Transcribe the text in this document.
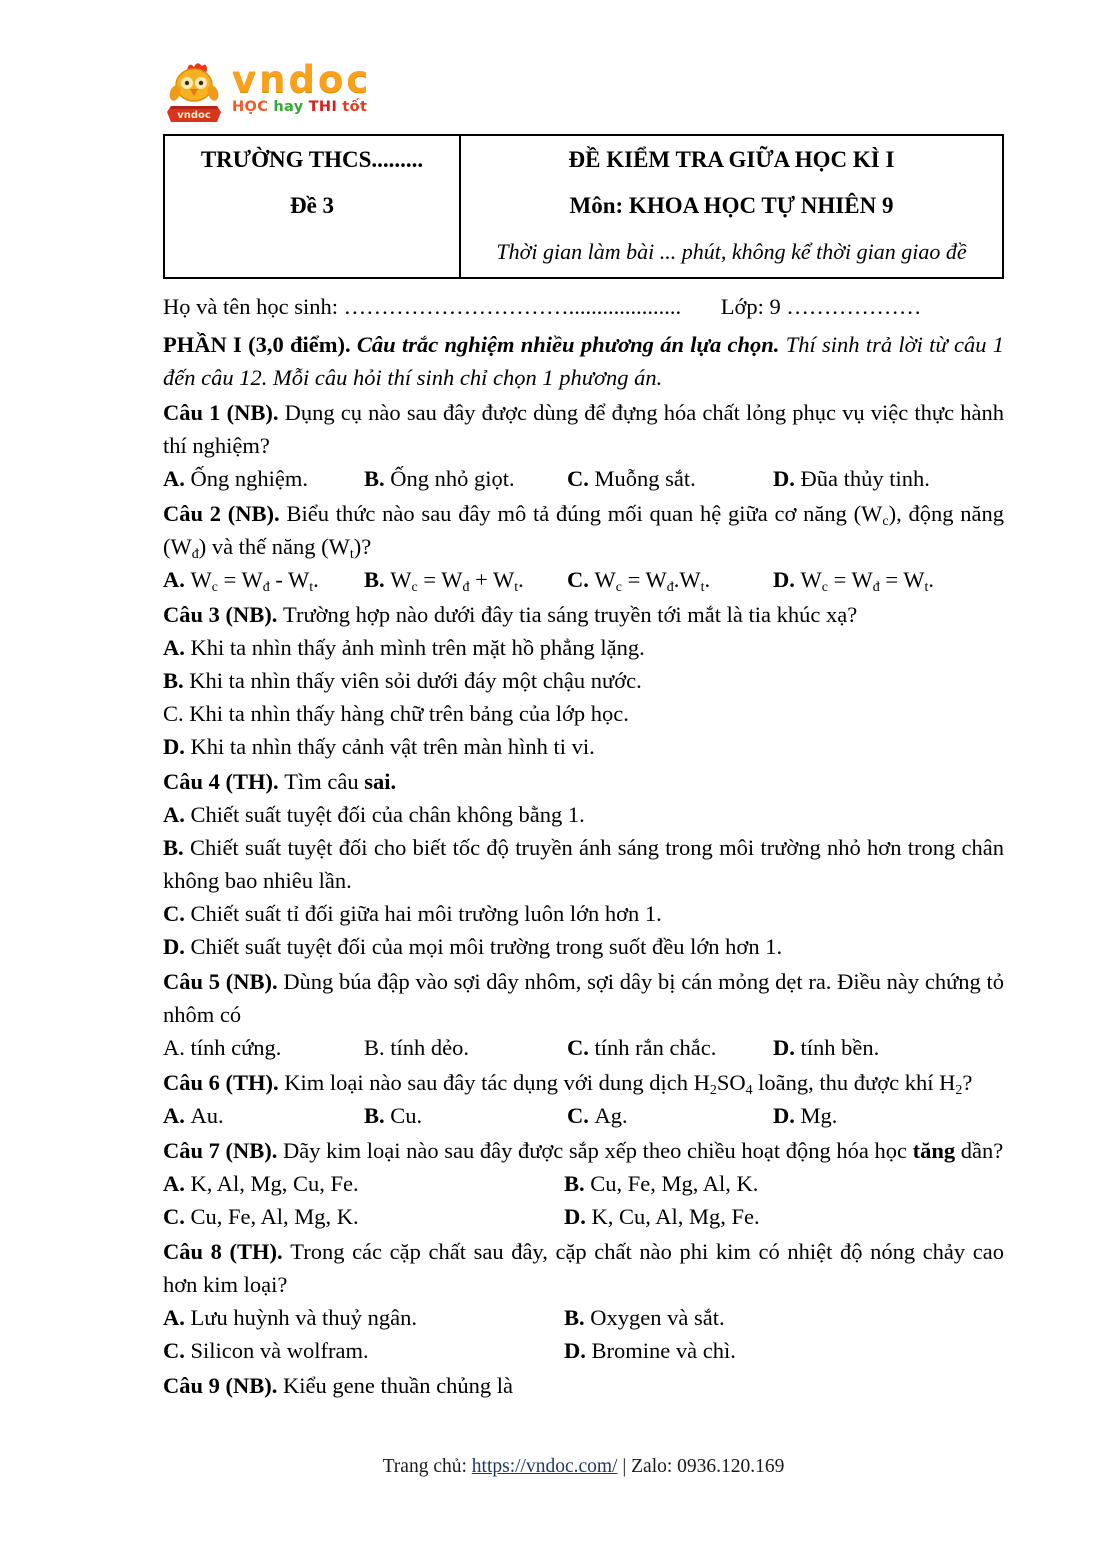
vndoc
vndoc
HỌC hay THI tốt
TRƯỜNG THCS.........
Đề 3

ĐỀ KIỂM TRA GIỮA HỌC KÌ I
Môn: KHOA HỌC TỰ NHIÊN 9
Thời gian làm bài ... phút, không kể thời gian giao đề
Họ và tên học sinh: ………………………….................... Lớp: 9 ………………

PHẦN I (3,0 điểm). Câu trắc nghiệm nhiều phương án lựa chọn. Thí sinh trả lời từ câu 1 đến câu 12. Mỗi câu hỏi thí sinh chỉ chọn 1 phương án.

Câu 1 (NB). Dụng cụ nào sau đây được dùng để đựng hóa chất lỏng phục vụ việc thực hành thí nghiệm?

A. Ống nghiệm.	B. Ống nhỏ giọt.	C. Muỗng sắt.	D. Đũa thủy tinh.

Câu 2 (NB). Biểu thức nào sau đây mô tả đúng mối quan hệ giữa cơ năng $(W_c)$, động năng $(W_đ)$ và thế năng $(W_t)$?

A. $W_c = W_đ - W_t$.	B. $W_c = W_đ + W_t$.	C. $W_c = W_đ.W_t$.	D. $W_c = W_đ = W_t$.

Câu 3 (NB). Trường hợp nào dưới đây tia sáng truyền tới mắt là tia khúc xạ?

A. Khi ta nhìn thấy ảnh mình trên mặt hồ phẳng lặng.

B. Khi ta nhìn thấy viên sỏi dưới đáy một chậu nước.

C. Khi ta nhìn thấy hàng chữ trên bảng của lớp học.

D. Khi ta nhìn thấy cảnh vật trên màn hình ti vi.

Câu 4 (TH). Tìm câu sai.

A. Chiết suất tuyệt đối của chân không bằng 1.

B. Chiết suất tuyệt đối cho biết tốc độ truyền ánh sáng trong môi trường nhỏ hơn trong chân không bao nhiêu lần.

C. Chiết suất tỉ đối giữa hai môi trường luôn lớn hơn 1.

D. Chiết suất tuyệt đối của mọi môi trường trong suốt đều lớn hơn 1.

Câu 5 (NB). Dùng búa đập vào sợi dây nhôm, sợi dây bị cán mỏng dẹt ra. Điều này chứng tỏ nhôm có

A. tính cứng.	B. tính dẻo.	C. tính rắn chắc.	D. tính bền.

Câu 6 (TH). Kim loại nào sau đây tác dụng với dung dịch $H_2SO_4$ loãng, thu được khí $H_2$?

A. Au.	B. Cu.	C. Ag.	D. Mg.

Câu 7 (NB). Dãy kim loại nào sau đây được sắp xếp theo chiều hoạt động hóa học tăng dần?

A. K, Al, Mg, Cu, Fe.	B. Cu, Fe, Mg, Al, K.
C. Cu, Fe, Al, Mg, K.	D. K, Cu, Al, Mg, Fe.

Câu 8 (TH). Trong các cặp chất sau đây, cặp chất nào phi kim có nhiệt độ nóng chảy cao hơn kim loại?

A. Lưu huỳnh và thuỷ ngân.	B. Oxygen và sắt.
C. Silicon và wolfram.	D. Bromine và chì.

Câu 9 (NB). Kiểu gene thuần chủng là

Trang chủ: https://vndoc.com/ | Zalo: 0936.120.169
